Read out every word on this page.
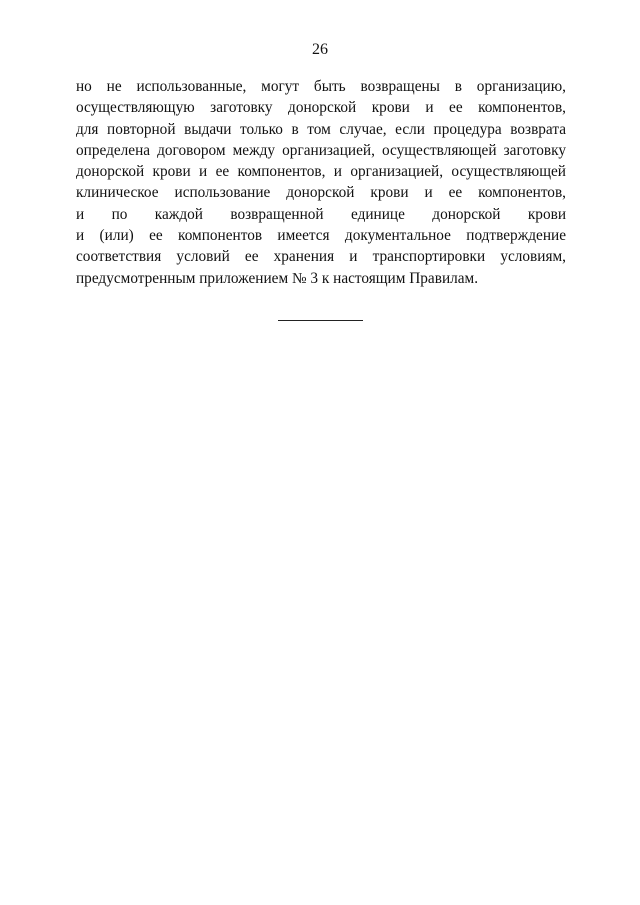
26
но не использованные, могут быть возвращены в организацию,
осуществляющую заготовку донорской крови и ее компонентов,
для повторной выдачи только в том случае, если процедура возврата
определена договором между организацией, осуществляющей заготовку
донорской крови и ее компонентов, и организацией, осуществляющей
клиническое использование донорской крови и ее компонентов,
и по каждой возвращенной единице донорской крови
и (или) ее компонентов имеется документальное подтверждение
соответствия условий ее хранения и транспортировки условиям,
предусмотренным приложением № 3 к настоящим Правилам.
